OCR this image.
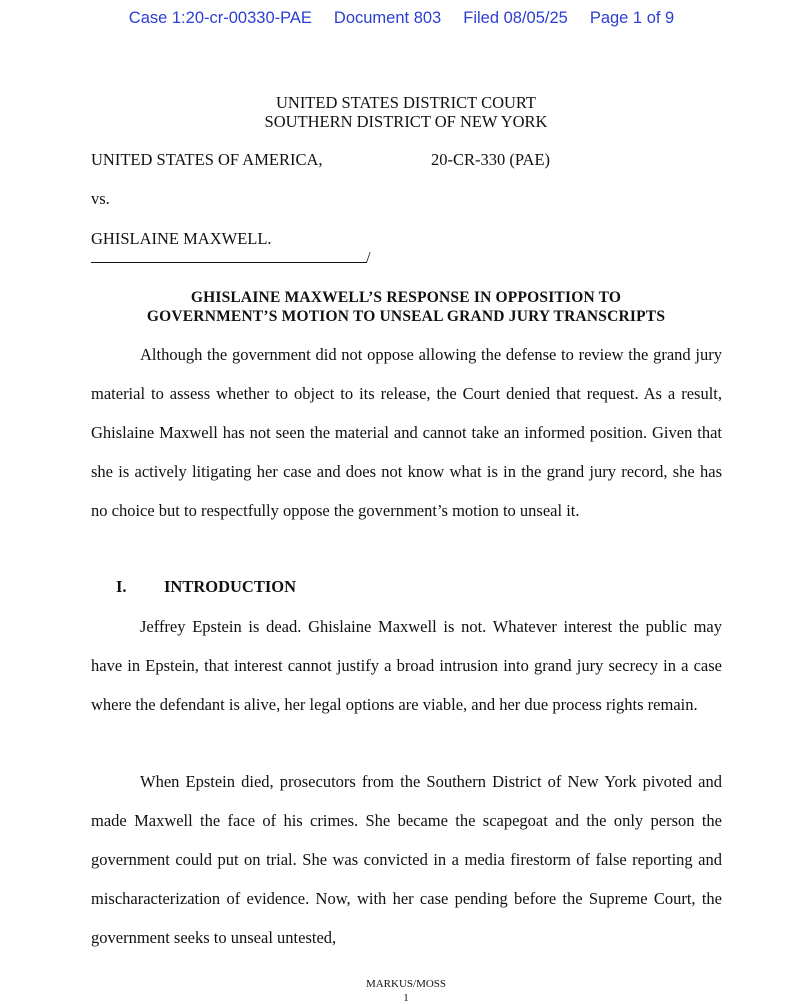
Case 1:20-cr-00330-PAE Document 803 Filed 08/05/25 Page 1 of 9
UNITED STATES DISTRICT COURT
SOUTHERN DISTRICT OF NEW YORK
UNITED STATES OF AMERICA,	20-CR-330 (PAE)
vs.
GHISLAINE MAXWELL.
/
GHISLAINE MAXWELL’S RESPONSE IN OPPOSITION TO
GOVERNMENT’S MOTION TO UNSEAL GRAND JURY TRANSCRIPTS

Although the government did not oppose allowing the defense to review the grand jury material to assess whether to object to its release, the Court denied that request. As a result, Ghislaine Maxwell has not seen the material and cannot take an informed position. Given that she is actively litigating her case and does not know what is in the grand jury record, she has no choice but to respectfully oppose the government’s motion to unseal it.

I. INTRODUCTION

Jeffrey Epstein is dead. Ghislaine Maxwell is not. Whatever interest the public may have in Epstein, that interest cannot justify a broad intrusion into grand jury secrecy in a case where the defendant is alive, her legal options are viable, and her due process rights remain.

When Epstein died, prosecutors from the Southern District of New York pivoted and made Maxwell the face of his crimes. She became the scapegoat and the only person the government could put on trial. She was convicted in a media firestorm of false reporting and mischaracterization of evidence. Now, with her case pending before the Supreme Court, the government seeks to unseal untested,

MARKUS/MOSS
1
